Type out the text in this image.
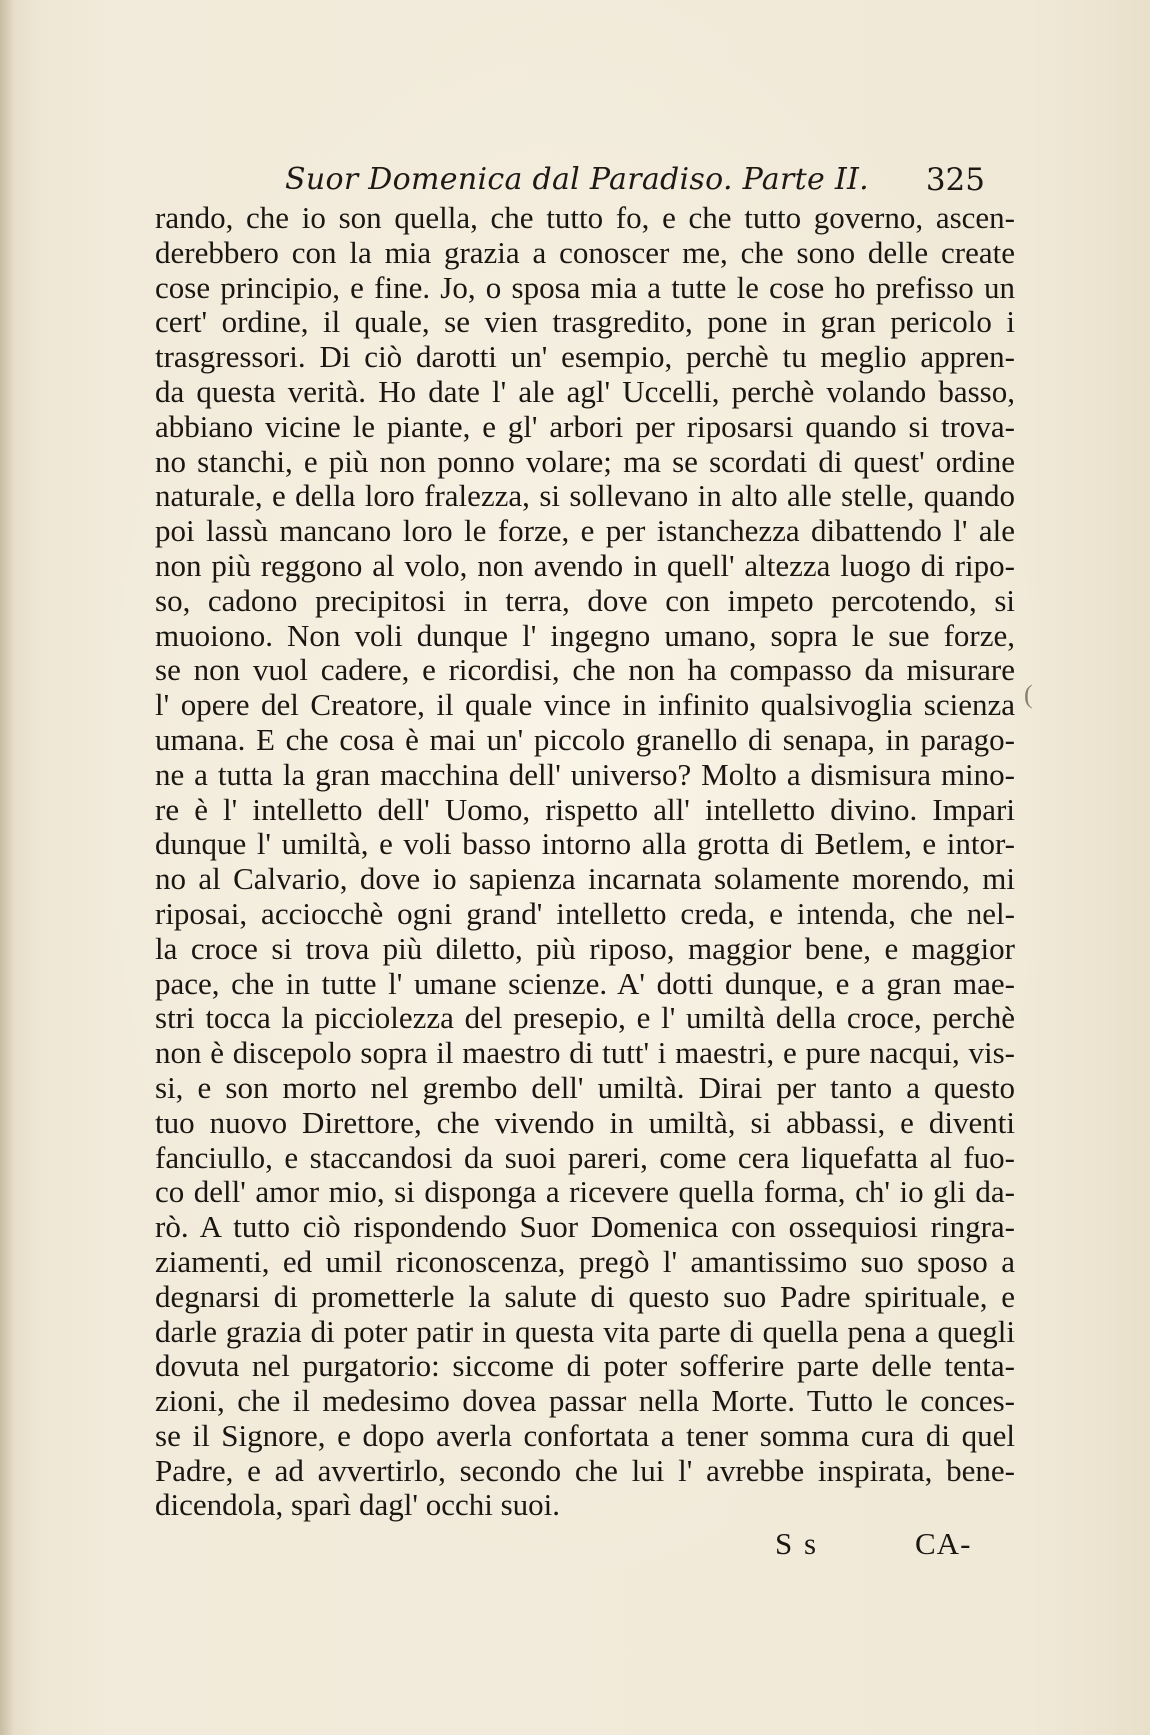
Suor Domenica dal Paradiso. Parte II. 325
rando, che io son quella, che tutto fo, e che tutto governo, ascen-
derebbero con la mia grazia a conoscer me, che sono delle create
cose principio, e fine. Jo, o sposa mia a tutte le cose ho prefisso un
cert' ordine, il quale, se vien trasgredito, pone in gran pericolo i
trasgressori. Di ciò darotti un' esempio, perchè tu meglio appren-
da questa verità. Ho date l' ale agl' Uccelli, perchè volando basso,
abbiano vicine le piante, e gl' arbori per riposarsi quando si trova-
no stanchi, e più non ponno volare; ma se scordati di quest' ordine
naturale, e della loro fralezza, si sollevano in alto alle stelle, quando
poi lassù mancano loro le forze, e per istanchezza dibattendo l' ale
non più reggono al volo, non avendo in quell' altezza luogo di ripo-
so, cadono precipitosi in terra, dove con impeto percotendo, si
muoiono. Non voli dunque l' ingegno umano, sopra le sue forze,
se non vuol cadere, e ricordisi, che non ha compasso da misurare
l' opere del Creatore, il quale vince in infinito qualsivoglia scienza
umana. E che cosa è mai un' piccolo granello di senapa, in parago-
ne a tutta la gran macchina dell' universo? Molto a dismisura mino-
re è l' intelletto dell' Uomo, rispetto all' intelletto divino. Impari
dunque l' umiltà, e voli basso intorno alla grotta di Betlem, e intor-
no al Calvario, dove io sapienza incarnata solamente morendo, mi
riposai, acciocchè ogni grand' intelletto creda, e intenda, che nel-
la croce si trova più diletto, più riposo, maggior bene, e maggior
pace, che in tutte l' umane scienze. A' dotti dunque, e a gran mae-
stri tocca la picciolezza del presepio, e l' umiltà della croce, perchè
non è discepolo sopra il maestro di tutt' i maestri, e pure nacqui, vis-
si, e son morto nel grembo dell' umiltà. Dirai per tanto a questo
tuo nuovo Direttore, che vivendo in umiltà, si abbassi, e diventi
fanciullo, e staccandosi da suoi pareri, come cera liquefatta al fuo-
co dell' amor mio, si disponga a ricevere quella forma, ch' io gli da-
rò. A tutto ciò rispondendo Suor Domenica con ossequiosi ringra-
ziamenti, ed umil riconoscenza, pregò l' amantissimo suo sposo a
degnarsi di prometterle la salute di questo suo Padre spirituale, e
darle grazia di poter patir in questa vita parte di quella pena a quegli
dovuta nel purgatorio: siccome di poter sofferire parte delle tenta-
zioni, che il medesimo dovea passar nella Morte. Tutto le conces-
se il Signore, e dopo averla confortata a tener somma cura di quel
Padre, e ad avvertirlo, secondo che lui l' avrebbe inspirata, bene-
dicendola, sparì dagl' occhi suoi.
S s	CA-
(
